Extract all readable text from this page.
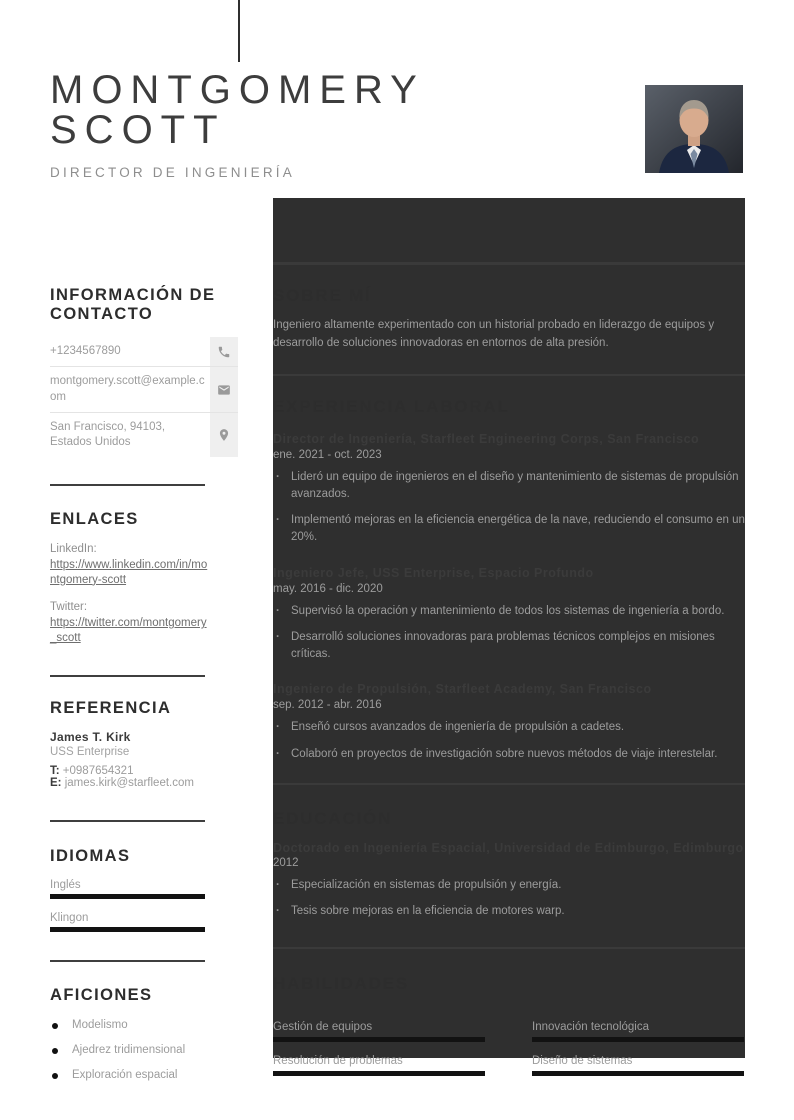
MONTGOMERY SCOTT
DIRECTOR DE INGENIERÍA
INFORMACIÓN DE CONTACTO
+1234567890
montgomery.scott@example.com
San Francisco, 94103, Estados Unidos
ENLACES
LinkedIn:
https://www.linkedin.com/in/montgomery-scott
Twitter:
https://twitter.com/montgomery_scott
REFERENCIA
James T. Kirk
USS Enterprise
T: +0987654321
E: james.kirk@starfleet.com
IDIOMAS
Inglés
Klingon
AFICIONES
Modelismo
Ajedrez tridimensional
Exploración espacial
SOBRE MÍ

Ingeniero altamente experimentado con un historial probado en liderazgo de equipos y desarrollo de soluciones innovadoras en entornos de alta presión.

EXPERIENCIA LABORAL
Director de Ingeniería, Starfleet Engineering Corps, San Francisco
ene. 2021 - oct. 2023
· Lideró un equipo de ingenieros en el diseño y mantenimiento de sistemas de propulsión avanzados.
· Implementó mejoras en la eficiencia energética de la nave, reduciendo el consumo en un 20%.
Ingeniero Jefe, USS Enterprise, Espacio Profundo
may. 2016 - dic. 2020
· Supervisó la operación y mantenimiento de todos los sistemas de ingeniería a bordo.
· Desarrolló soluciones innovadoras para problemas técnicos complejos en misiones críticas.
Ingeniero de Propulsión, Starfleet Academy, San Francisco
sep. 2012 - abr. 2016
· Enseñó cursos avanzados de ingeniería de propulsión a cadetes.
· Colaboró en proyectos de investigación sobre nuevos métodos de viaje interestelar.
EDUCACIÓN
Doctorado en Ingeniería Espacial, Universidad de Edimburgo, Edimburgo
2012
· Especialización en sistemas de propulsión y energía.
· Tesis sobre mejoras en la eficiencia de motores warp.
HABILIDADES
Gestión de equipos	Innovación tecnológica
Resolución de problemas	Diseño de sistemas
